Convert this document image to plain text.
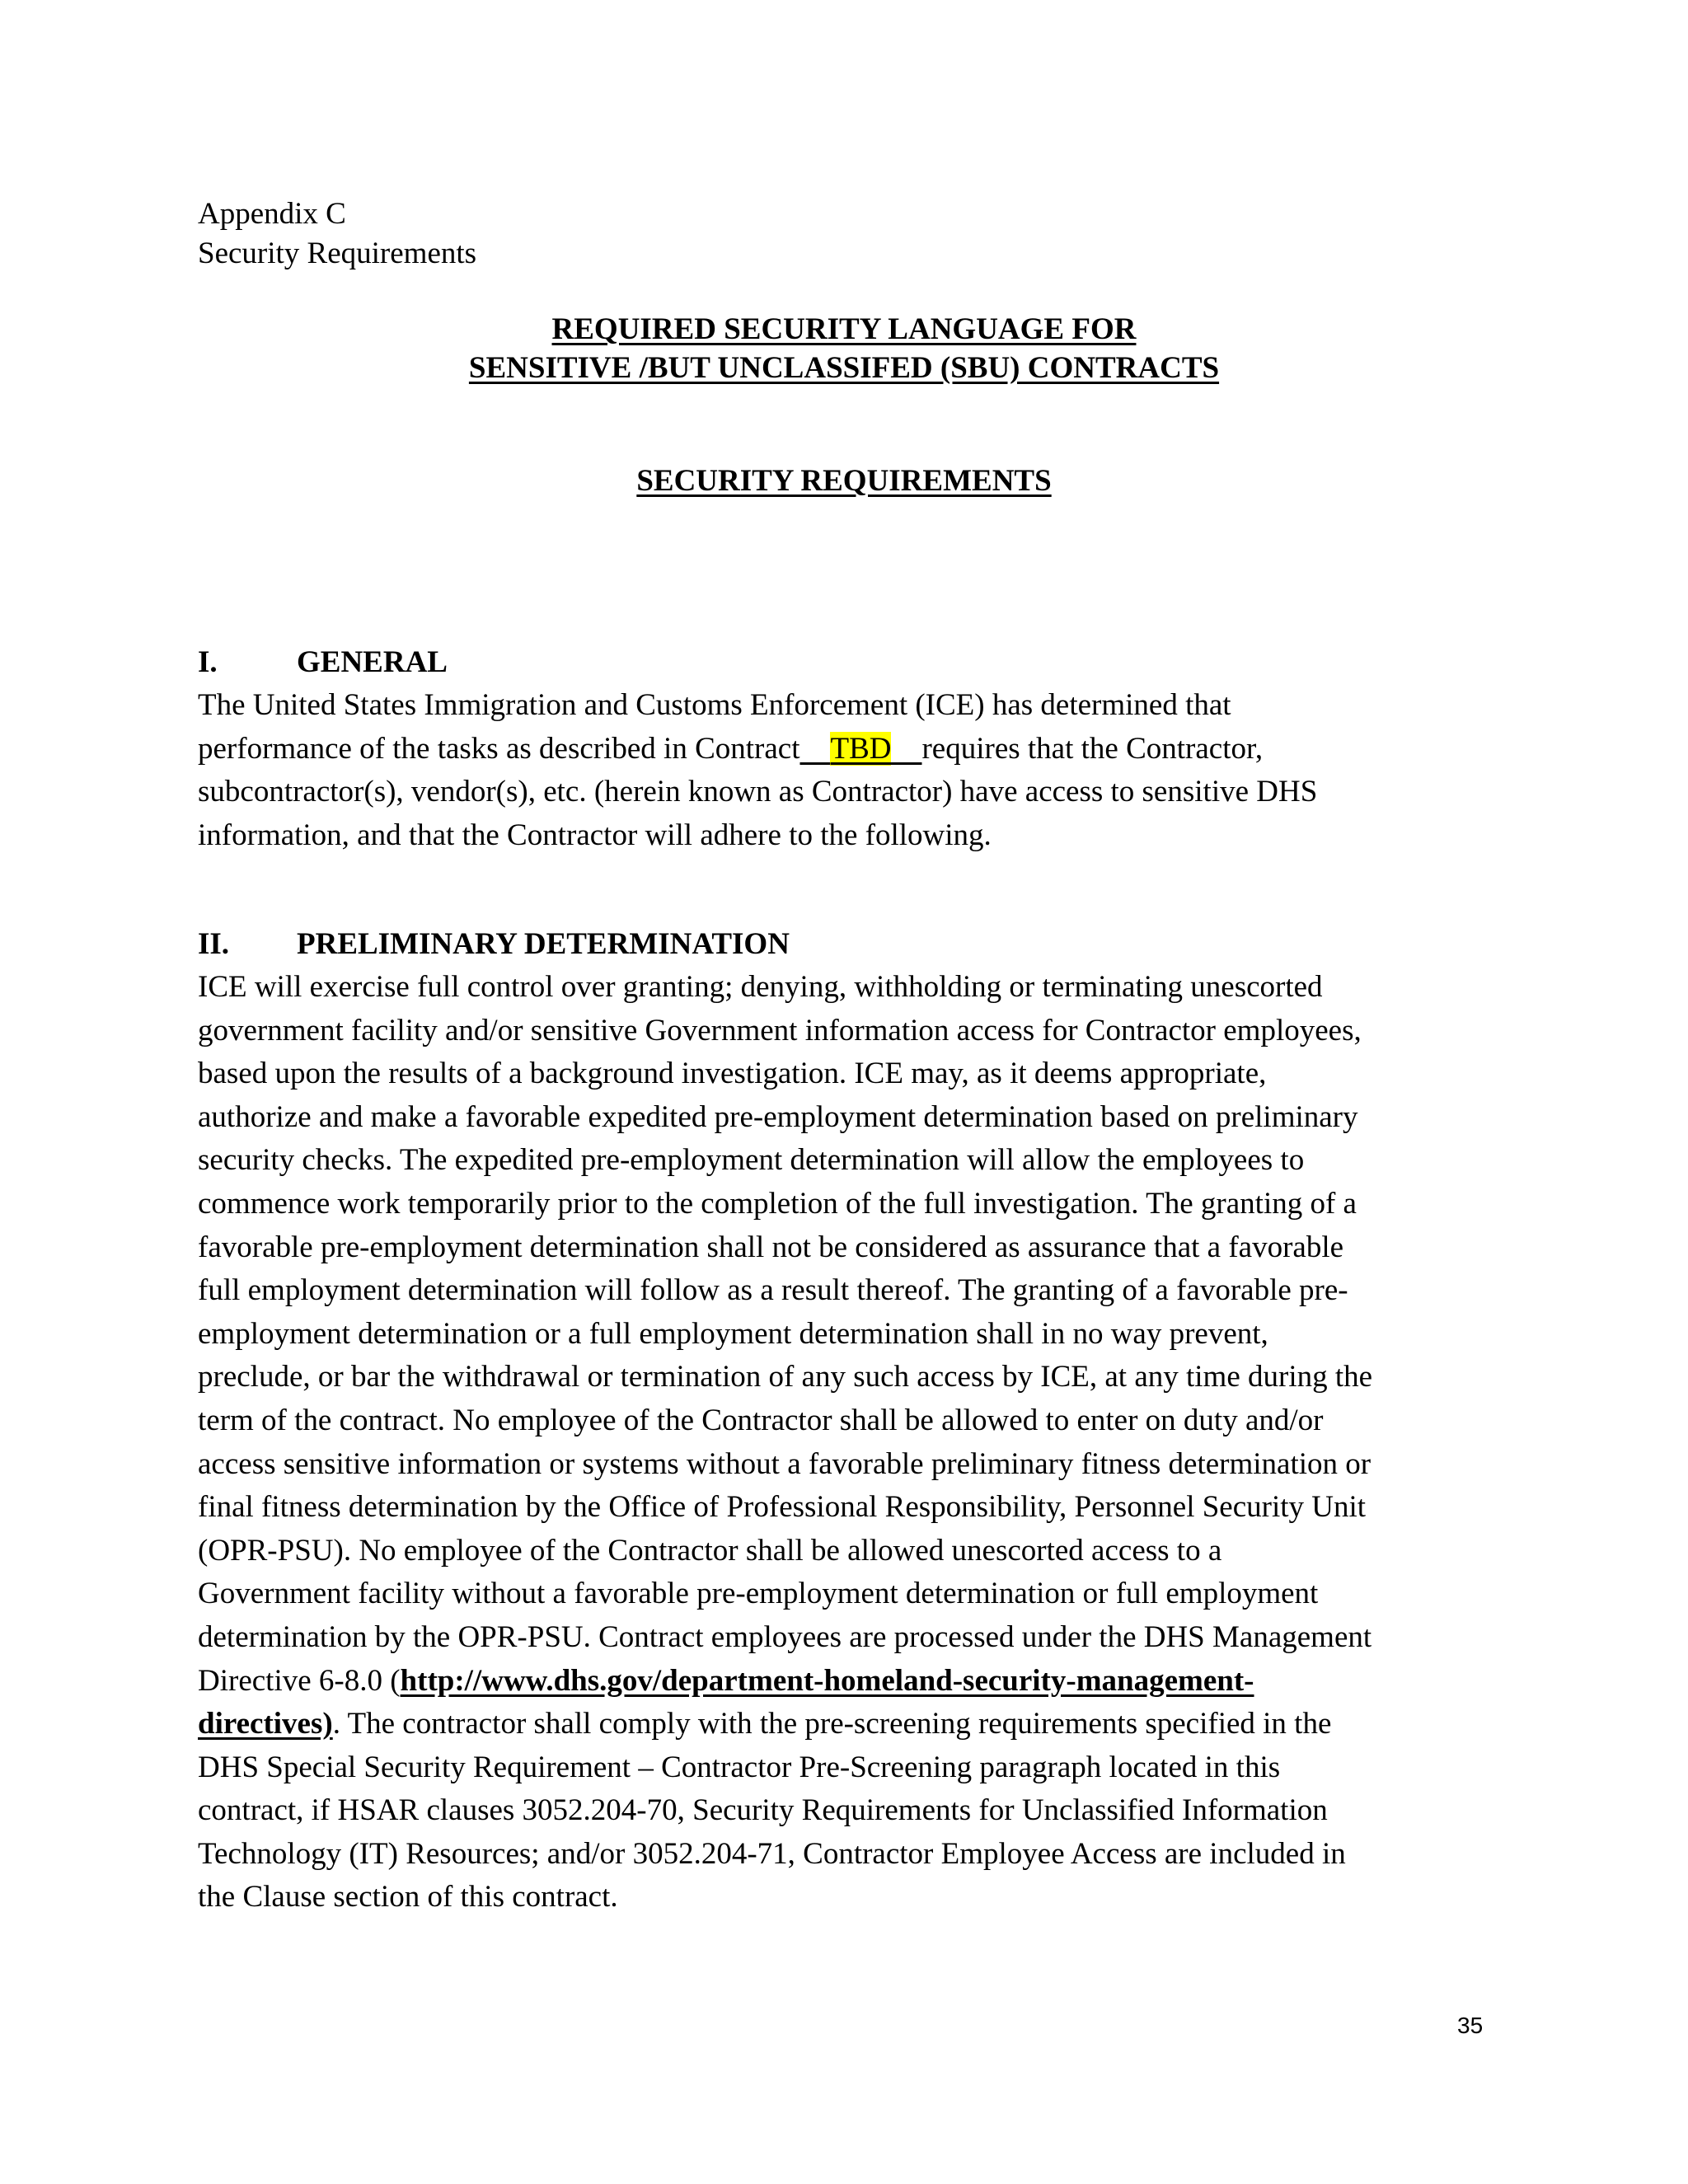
Appendix C
Security Requirements
REQUIRED SECURITY LANGUAGE FOR
SENSITIVE /BUT UNCLASSIFED (SBU) CONTRACTS
SECURITY REQUIREMENTS
I.	GENERAL
The United States Immigration and Customs Enforcement (ICE) has determined that
performance of the tasks as described in Contract TBD requires that the Contractor,
subcontractor(s), vendor(s), etc. (herein known as Contractor) have access to sensitive DHS
information, and that the Contractor will adhere to the following.
II. PRELIMINARY DETERMINATION
ICE will exercise full control over granting; denying, withholding or terminating unescorted
government facility and/or sensitive Government information access for Contractor employees,
based upon the results of a background investigation. ICE may, as it deems appropriate,
authorize and make a favorable expedited pre-employment determination based on preliminary
security checks. The expedited pre-employment determination will allow the employees to
commence work temporarily prior to the completion of the full investigation. The granting of a
favorable pre-employment determination shall not be considered as assurance that a favorable
full employment determination will follow as a result thereof. The granting of a favorable pre-
employment determination or a full employment determination shall in no way prevent,
preclude, or bar the withdrawal or termination of any such access by ICE, at any time during the
term of the contract. No employee of the Contractor shall be allowed to enter on duty and/or
access sensitive information or systems without a favorable preliminary fitness determination or
final fitness determination by the Office of Professional Responsibility, Personnel Security Unit
(OPR-PSU). No employee of the Contractor shall be allowed unescorted access to a
Government facility without a favorable pre-employment determination or full employment
determination by the OPR-PSU. Contract employees are processed under the DHS Management
Directive 6-8.0 (http://www.dhs.gov/department-homeland-security-management-
directives). The contractor shall comply with the pre-screening requirements specified in the
DHS Special Security Requirement – Contractor Pre-Screening paragraph located in this
contract, if HSAR clauses 3052.204-70, Security Requirements for Unclassified Information
Technology (IT) Resources; and/or 3052.204-71, Contractor Employee Access are included in
the Clause section of this contract.
35
